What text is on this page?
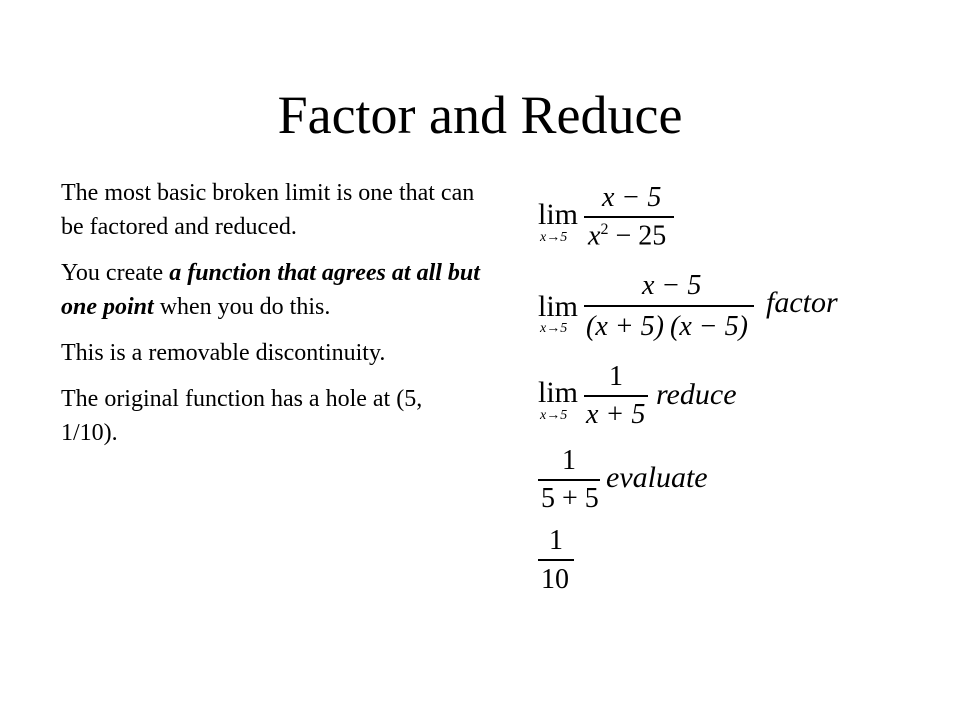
Factor and Reduce

The most basic broken limit is one that can be factored and reduced.

You create a function that agrees at all but one point when you do this.

This is a removable discontinuity.

The original function has a hole at (5, 1/10).

lim
x→5
x − 5
$x^2 - 25$
lim
x→5
x − 5
(x + 5) (x − 5)
factor
lim
x→5
1
x + 5
reduce
1
5 + 5
evaluate
1
10
